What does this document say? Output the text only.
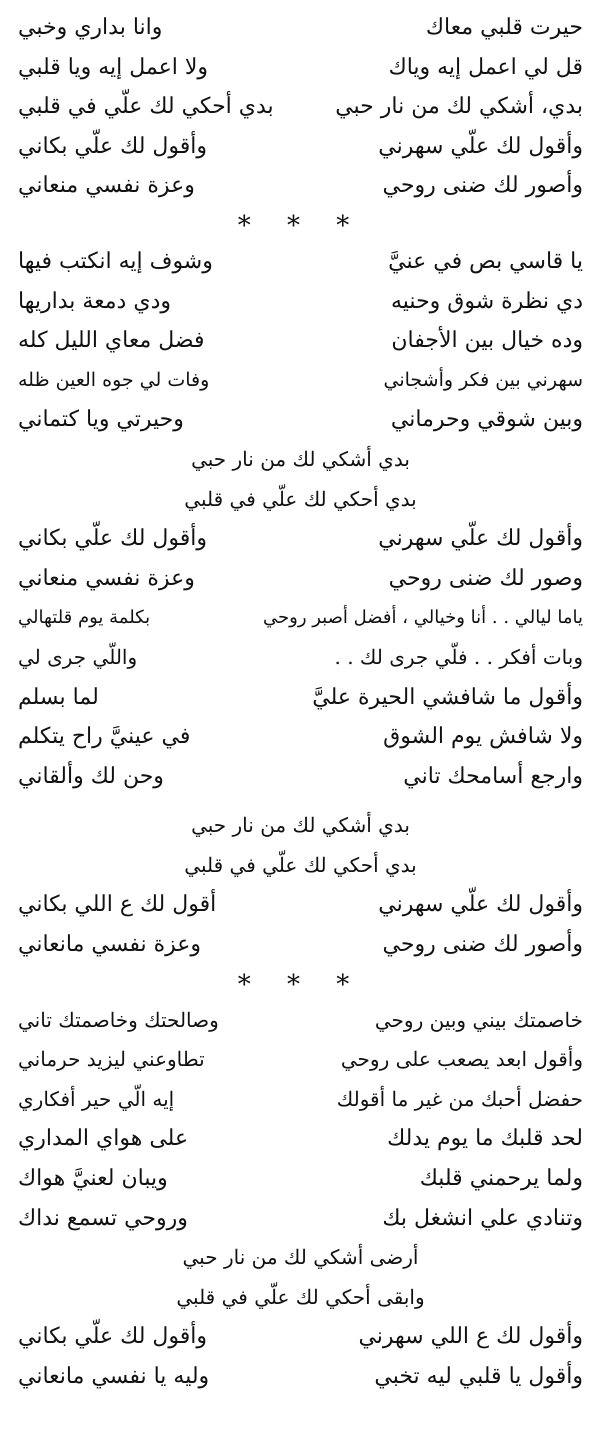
حيرت قلبي معاك
وانا بداري وخبي
قل لي اعمل إيه وياك
ولا اعمل إيه ويا قلبي
بدي، أشكي لك من نار حبي
بدي أحكي لك علّي في قلبي
وأقول لك علّي سهرني
وأقول لك علّي بكاني
وأصور لك ضنى روحي
وعزة نفسي منعاني
* * *
يا قاسي بص في عنيَّ
وشوف إيه انكتب فيها
دي نظرة شوق وحنيه
ودي دمعة بداريها
وده خيال بين الأجفان
فضل معاي الليل كله
سهرني بين فكر وأشجاني
وفات لي جوه العين ظله
وبين شوقي وحرماني
وحيرتي ويا كتماني
بدي أشكي لك من نار حبي
بدي أحكي لك علّي في قلبي
وأقول لك علّي سهرني
وأقول لك علّي بكاني
وصور لك ضنى روحي
وعزة نفسي منعاني
ياما ليالي . . أنا وخيالي ، أفضل أصبر روحي
بكلمة يوم قلتهالي
وبات أفكر . . فلّي جرى لك . .
واللّي جرى لي
وأقول ما شافشي الحيرة عليَّ
لما بسلم
ولا شافش يوم الشوق
في عينيَّ راح يتكلم
وارجع أسامحك تاني
وحن لك وألقاني
بدي أشكي لك من نار حبي
بدي أحكي لك علّي في قلبي
وأقول لك علّي سهرني
أقول لك ع اللي بكاني
وأصور لك ضنى روحي
وعزة نفسي مانعاني
* * *
خاصمتك بيني وبين روحي
وصالحتك وخاصمتك تاني
وأقول ابعد يصعب على روحي
تطاوعني ليزيد حرماني
حفضل أحبك من غير ما أقولك
إيه الّي حير أفكاري
لحد قلبك ما يوم يدلك
على هواي المداري
ولما يرحمني قلبك
ويبان لعنيَّ هواك
وتنادي علي انشغل بك
وروحي تسمع نداك
أرضى أشكي لك من نار حبي
وابقى أحكي لك علّي في قلبي
وأقول لك ع اللي سهرني
وأقول لك علّي بكاني
وأقول يا قلبي ليه تخبي
وليه يا نفسي مانعاني
